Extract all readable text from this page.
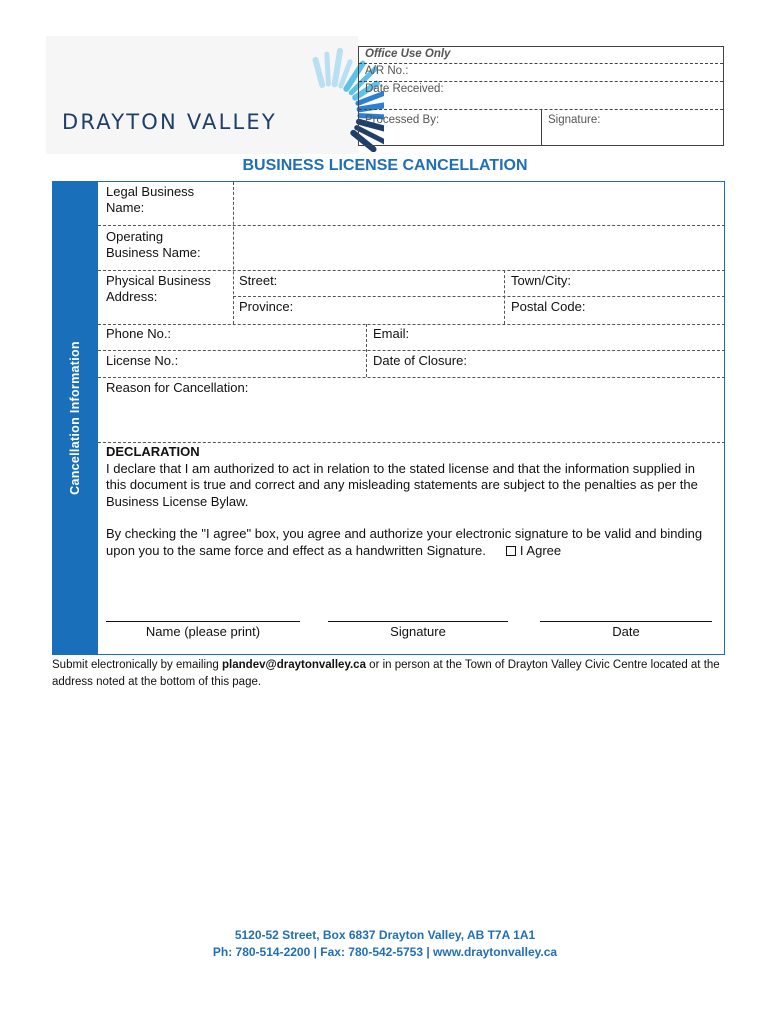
DRAYTON VALLEY
Office Use Only
A/R No.:
Date Received:
Processed By:	Signature:
BUSINESS LICENSE CANCELLATION
Cancellation Information
Legal Business
Name:
Operating
Business Name:
Physical Business
Address:
Street:	Town/City:
Province:	Postal Code:
Phone No.:	Email:
License No.:	Date of Closure:
Reason for Cancellation:
DECLARATION
I declare that I am authorized to act in relation to the stated license and that the information supplied in this document is true and correct and any misleading statements are subject to the penalties as per the Business License Bylaw.
By checking the "I agree" box, you agree and authorize your electronic signature to be valid and binding upon you to the same force and effect as a handwritten Signature.	I Agree
Name (please print)	Signature	Date
Submit electronically by emailing plandev@draytonvalley.ca or in person at the Town of Drayton Valley Civic Centre located at the address noted at the bottom of this page.
5120-52 Street, Box 6837 Drayton Valley, AB T7A 1A1
Ph: 780-514-2200 | Fax: 780-542-5753 | www.draytonvalley.ca
